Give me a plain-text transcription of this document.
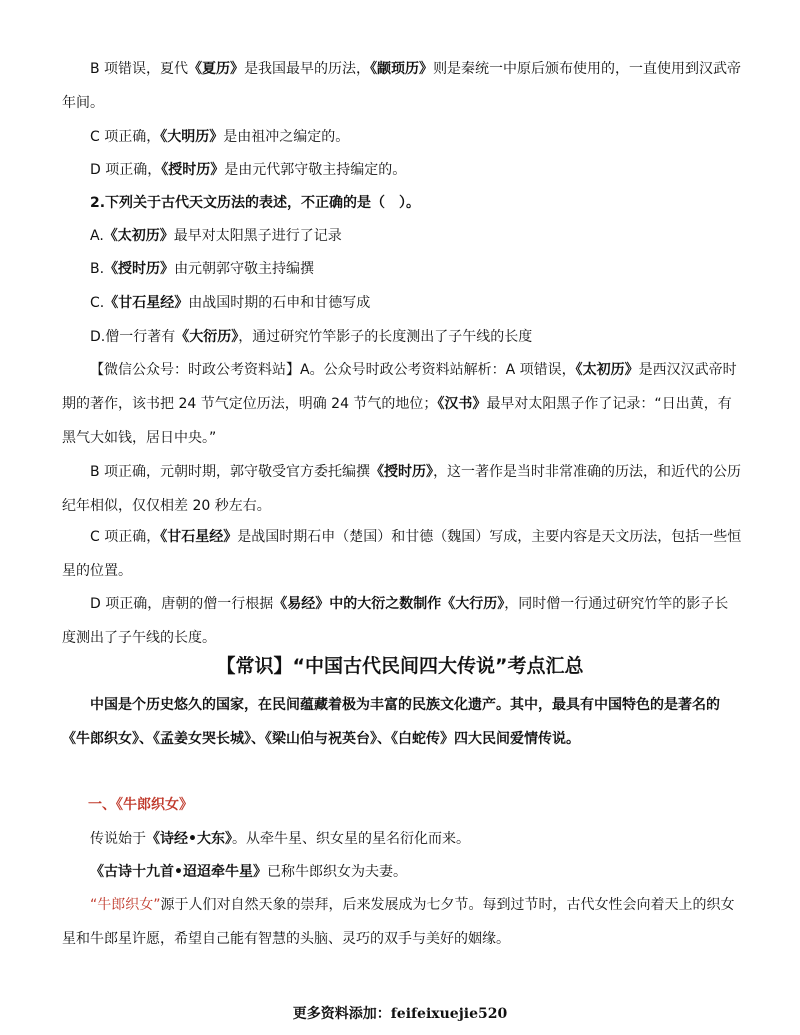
B 项错误，夏代《夏历》是我国最早的历法，《颛顼历》则是秦统一中原后颁布使用的，一直使用到汉武帝年间。

C 项正确，《大明历》是由祖冲之编定的。

D 项正确，《授时历》是由元代郭守敬主持编定的。

2.下列关于古代天文历法的表述，不正确的是（　）。

A.《太初历》最早对太阳黑子进行了记录

B.《授时历》由元朝郭守敬主持编撰

C.《甘石星经》由战国时期的石申和甘德写成

D.僧一行著有《大衍历》，通过研究竹竿影子的长度测出了子午线的长度

【微信公众号：时政公考资料站】A。公众号时政公考资料站解析：A 项错误，《太初历》是西汉汉武帝时期的著作，该书把 24 节气定位历法，明确 24 节气的地位；《汉书》最早对太阳黑子作了记录：“日出黄，有黑气大如钱，居日中央。”

B 项正确，元朝时期，郭守敬受官方委托编撰《授时历》，这一著作是当时非常准确的历法，和近代的公历纪年相似，仅仅相差 20 秒左右。

C 项正确，《甘石星经》是战国时期石申（楚国）和甘德（魏国）写成，主要内容是天文历法，包括一些恒星的位置。

D 项正确，唐朝的僧一行根据《易经》中的大衍之数制作《大行历》，同时僧一行通过研究竹竿的影子长度测出了子午线的长度。

【常识】“中国古代民间四大传说”考点汇总

中国是个历史悠久的国家，在民间蕴藏着极为丰富的民族文化遗产。其中，最具有中国特色的是著名的《牛郎织女》、《孟姜女哭长城》、《梁山伯与祝英台》、《白蛇传》四大民间爱情传说。

一、《牛郎织女》

传说始于《诗经•大东》。从牵牛星、织女星的星名衍化而来。

《古诗十九首•迢迢牵牛星》已称牛郎织女为夫妻。

“牛郎织女”源于人们对自然天象的崇拜，后来发展成为七夕节。每到过节时，古代女性会向着天上的织女星和牛郎星许愿，希望自己能有智慧的头脑、灵巧的双手与美好的姻缘。

更多资料添加：feifeixuejie520
